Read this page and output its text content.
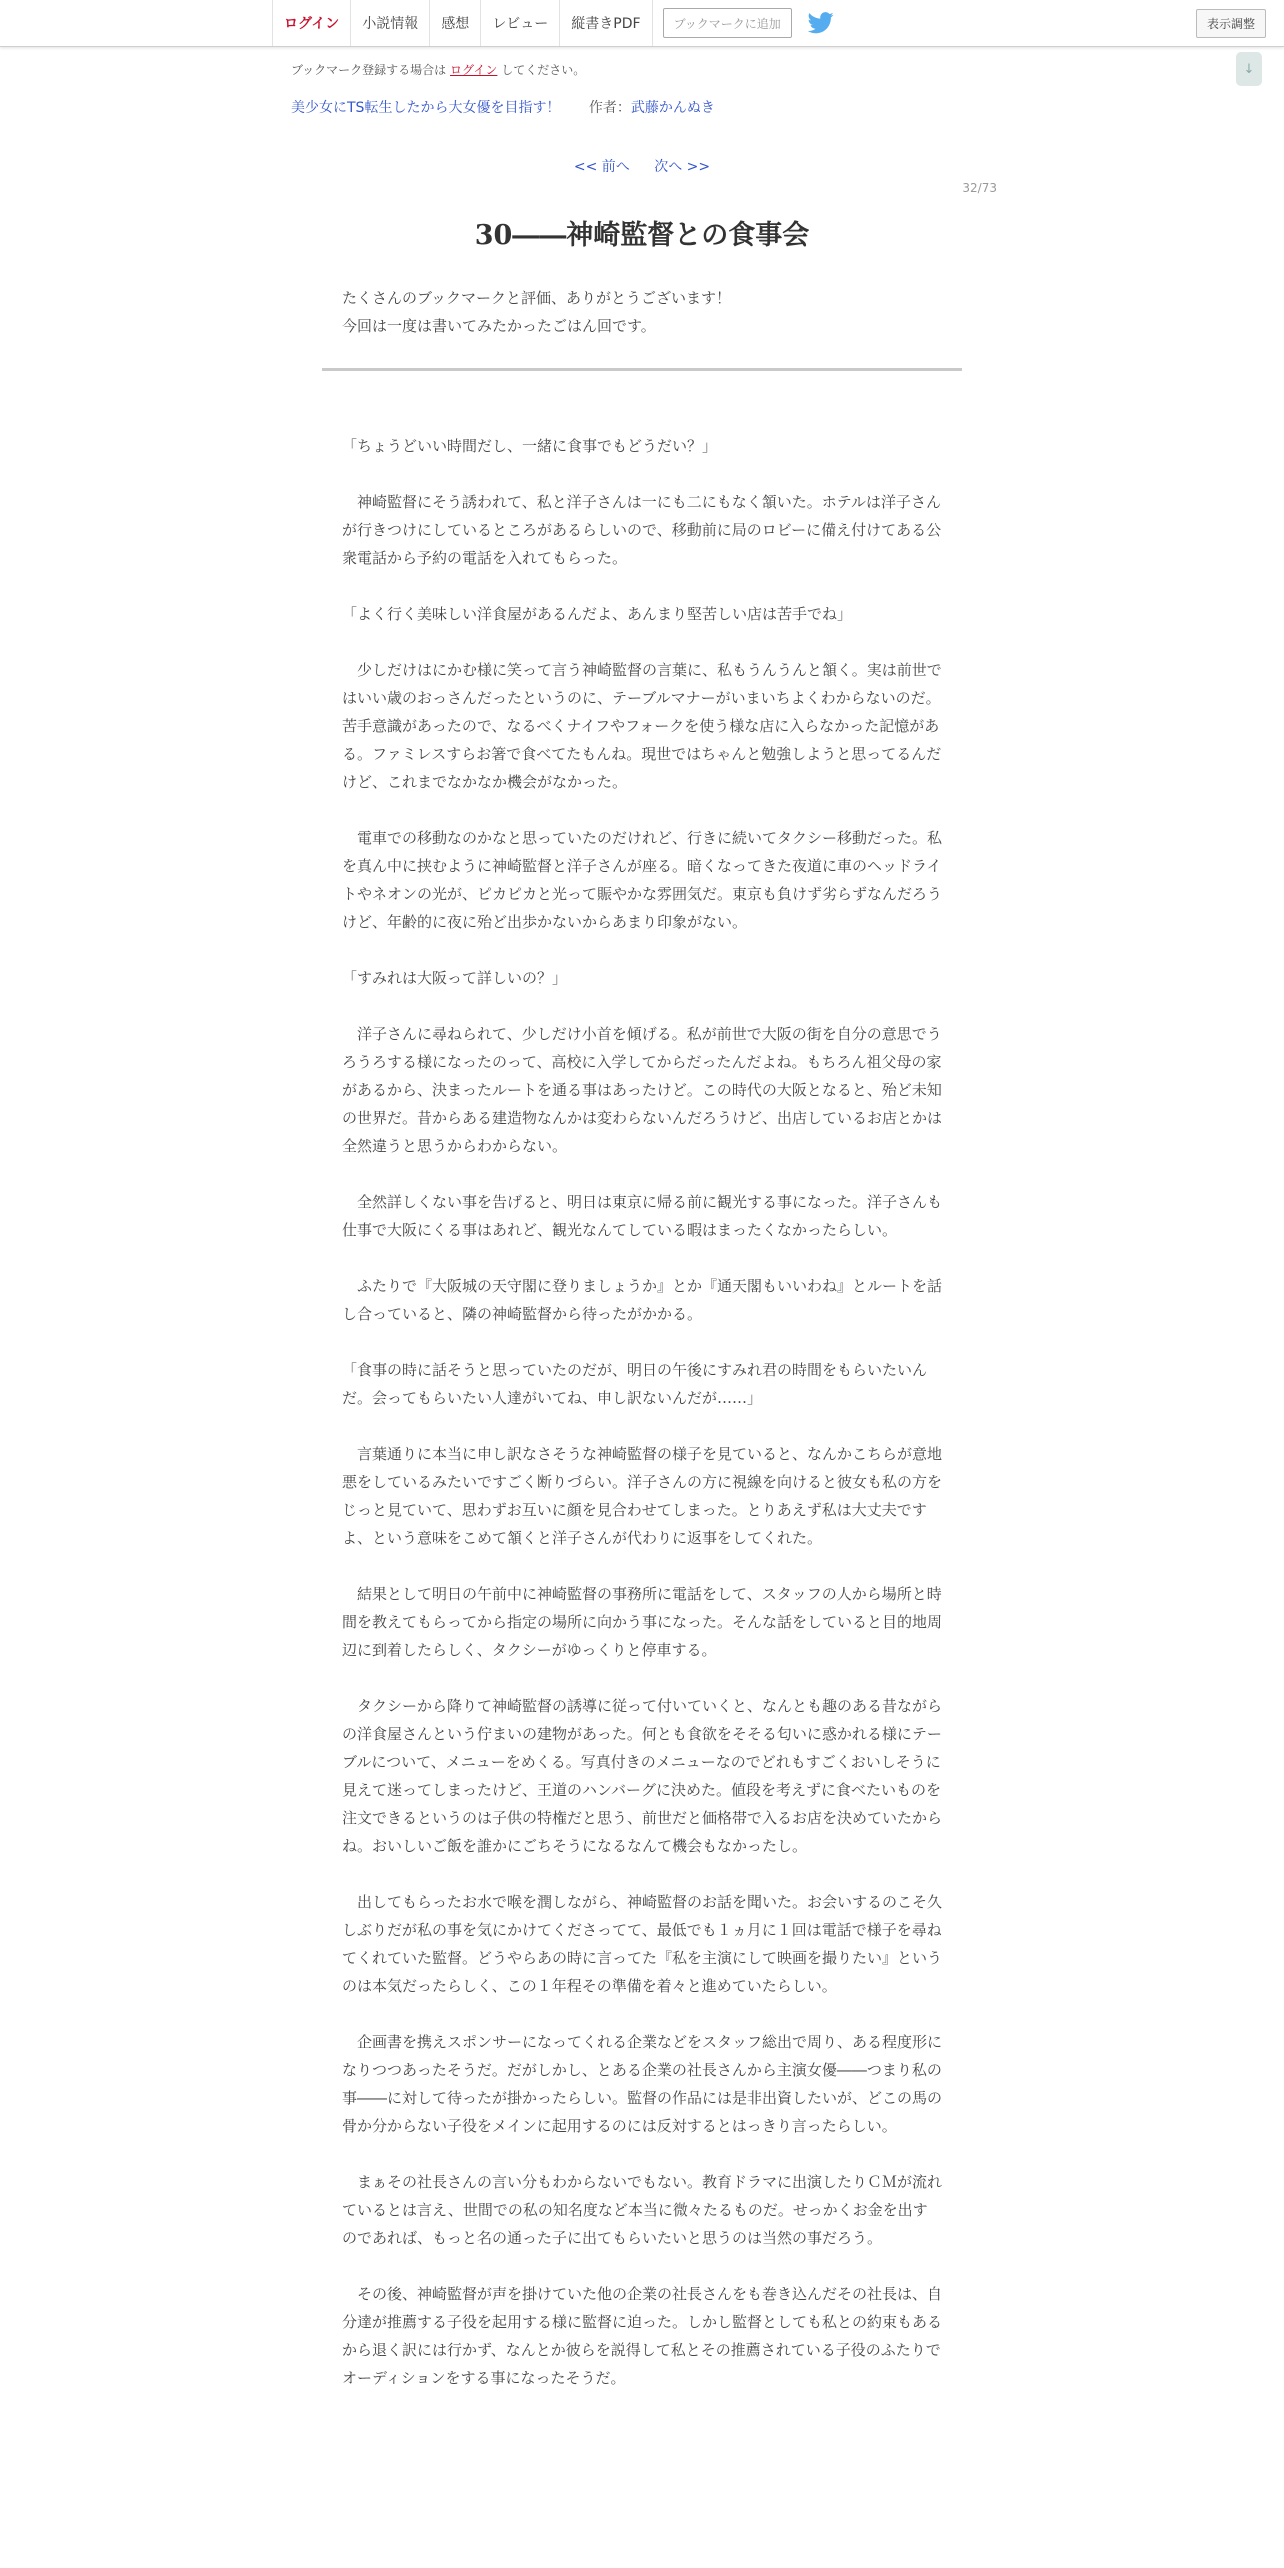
ログイン	小説情報	感想	レビュー	縦書きPDF	ブックマークに追加	表示調整
↓
ブックマーク登録する場合は ログイン してください。
美少女にTS転生したから大女優を目指す！ 作者：武藤かんぬき
<< 前へ 次へ >>
32/73
30――神崎監督との食事会

たくさんのブックマークと評価、ありがとうございます！

今回は一度は書いてみたかったごはん回です。

「ちょうどいい時間だし、一緒に食事でもどうだい？」

　神崎監督にそう誘われて、私と洋子さんは一にも二にもなく頷いた。ホテルは洋子さんが行きつけにしているところがあるらしいので、移動前に局のロビーに備え付けてある公衆電話から予約の電話を入れてもらった。

「よく行く美味しい洋食屋があるんだよ、あんまり堅苦しい店は苦手でね」

　少しだけはにかむ様に笑って言う神崎監督の言葉に、私もうんうんと頷く。実は前世ではいい歳のおっさんだったというのに、テーブルマナーがいまいちよくわからないのだ。苦手意識があったので、なるべくナイフやフォークを使う様な店に入らなかった記憶がある。ファミレスすらお箸で食べてたもんね。現世ではちゃんと勉強しようと思ってるんだけど、これまでなかなか機会がなかった。

　電車での移動なのかなと思っていたのだけれど、行きに続いてタクシー移動だった。私を真ん中に挟むように神崎監督と洋子さんが座る。暗くなってきた夜道に車のヘッドライトやネオンの光が、ピカピカと光って賑やかな雰囲気だ。東京も負けず劣らずなんだろうけど、年齢的に夜に殆ど出歩かないからあまり印象がない。

「すみれは大阪って詳しいの？」

　洋子さんに尋ねられて、少しだけ小首を傾げる。私が前世で大阪の街を自分の意思でうろうろする様になったのって、高校に入学してからだったんだよね。もちろん祖父母の家があるから、決まったルートを通る事はあったけど。この時代の大阪となると、殆ど未知の世界だ。昔からある建造物なんかは変わらないんだろうけど、出店しているお店とかは全然違うと思うからわからない。

　全然詳しくない事を告げると、明日は東京に帰る前に観光する事になった。洋子さんも仕事で大阪にくる事はあれど、観光なんてしている暇はまったくなかったらしい。

　ふたりで『大阪城の天守閣に登りましょうか』とか『通天閣もいいわね』とルートを話し合っていると、隣の神崎監督から待ったがかかる。

「食事の時に話そうと思っていたのだが、明日の午後にすみれ君の時間をもらいたいんだ。会ってもらいたい人達がいてね、申し訳ないんだが……」

　言葉通りに本当に申し訳なさそうな神崎監督の様子を見ていると、なんかこちらが意地悪をしているみたいですごく断りづらい。洋子さんの方に視線を向けると彼女も私の方をじっと見ていて、思わずお互いに顔を見合わせてしまった。とりあえず私は大丈夫ですよ、という意味をこめて頷くと洋子さんが代わりに返事をしてくれた。

　結果として明日の午前中に神崎監督の事務所に電話をして、スタッフの人から場所と時間を教えてもらってから指定の場所に向かう事になった。そんな話をしていると目的地周辺に到着したらしく、タクシーがゆっくりと停車する。

　タクシーから降りて神崎監督の誘導に従って付いていくと、なんとも趣のある昔ながらの洋食屋さんという佇まいの建物があった。何とも食欲をそそる匂いに惑かれる様にテーブルについて、メニューをめくる。写真付きのメニューなのでどれもすごくおいしそうに見えて迷ってしまったけど、王道のハンバーグに決めた。値段を考えずに食べたいものを注文できるというのは子供の特権だと思う、前世だと価格帯で入るお店を決めていたからね。おいしいご飯を誰かにごちそうになるなんて機会もなかったし。

　出してもらったお水で喉を潤しながら、神崎監督のお話を聞いた。お会いするのこそ久しぶりだが私の事を気にかけてくださってて、最低でも１ヵ月に１回は電話で様子を尋ねてくれていた監督。どうやらあの時に言ってた『私を主演にして映画を撮りたい』というのは本気だったらしく、この１年程その準備を着々と進めていたらしい。

　企画書を携えスポンサーになってくれる企業などをスタッフ総出で周り、ある程度形になりつつあったそうだ。だがしかし、とある企業の社長さんから主演女優――つまり私の事――に対して待ったが掛かったらしい。監督の作品には是非出資したいが、どこの馬の骨か分からない子役をメインに起用するのには反対するとはっきり言ったらしい。

　まぁその社長さんの言い分もわからないでもない。教育ドラマに出演したりＣＭが流れているとは言え、世間での私の知名度など本当に微々たるものだ。せっかくお金を出すのであれば、もっと名の通った子に出てもらいたいと思うのは当然の事だろう。

　その後、神崎監督が声を掛けていた他の企業の社長さんをも巻き込んだその社長は、自分達が推薦する子役を起用する様に監督に迫った。しかし監督としても私との約束もあるから退く訳には行かず、なんとか彼らを説得して私とその推薦されている子役のふたりでオーディションをする事になったそうだ。
